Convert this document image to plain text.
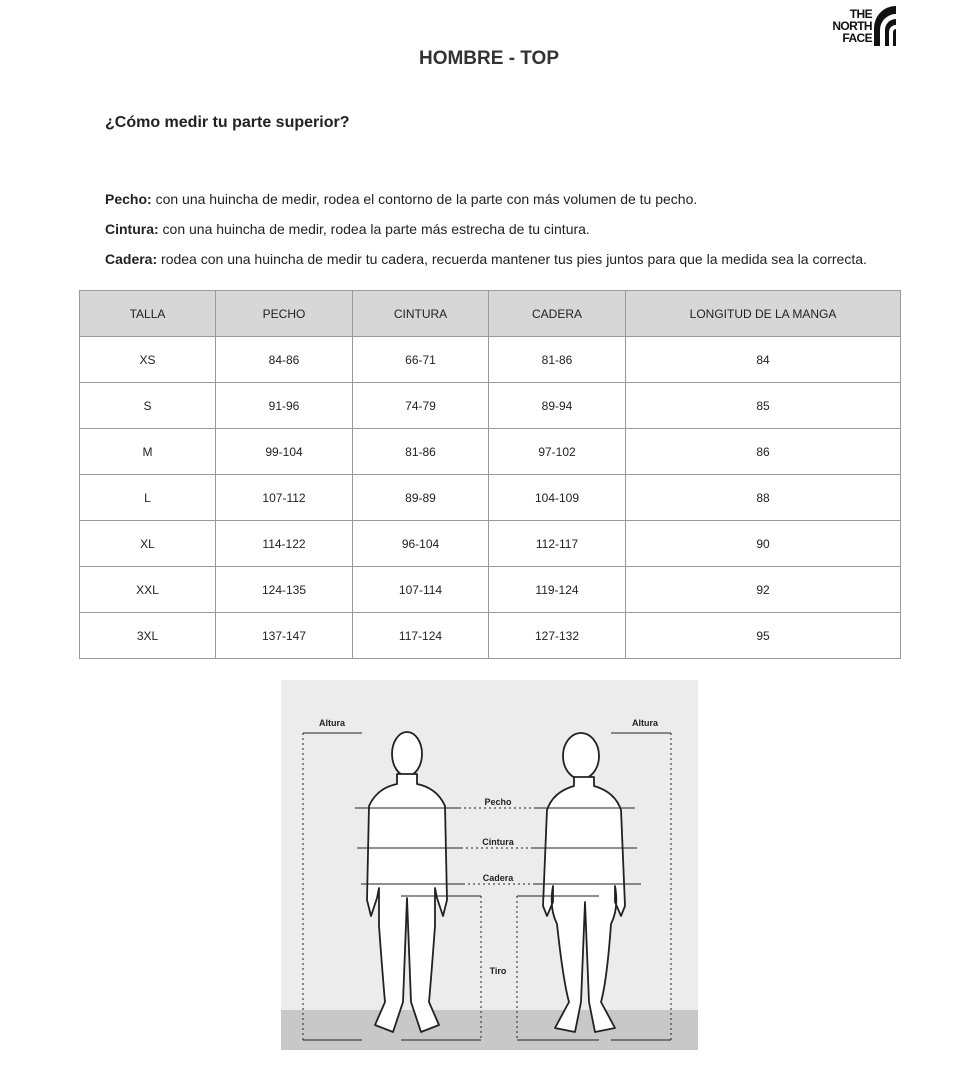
THE
NORTH
FACE
HOMBRE - TOP
¿Cómo medir tu parte superior?
Pecho: con una huincha de medir, rodea el contorno de la parte con más volumen de tu pecho.
Cintura: con una huincha de medir, rodea la parte más estrecha de tu cintura.
Cadera: rodea con una huincha de medir tu cadera, recuerda mantener tus pies juntos para que la medida sea la correcta.
TALLA	PECHO	CINTURA	CADERA	LONGITUD DE LA MANGA
XS	84-86	66-71	81-86	84
S	91-96	74-79	89-94	85
M	99-104	81-86	97-102	86
L	107-112	89-89	104-109	88
XL	114-122	96-104	112-117	90
XXL	124-135	107-114	119-124	92
3XL	137-147	117-124	127-132	95
Altura	Altura
Pecho
Cintura
Cadera
Tiro
